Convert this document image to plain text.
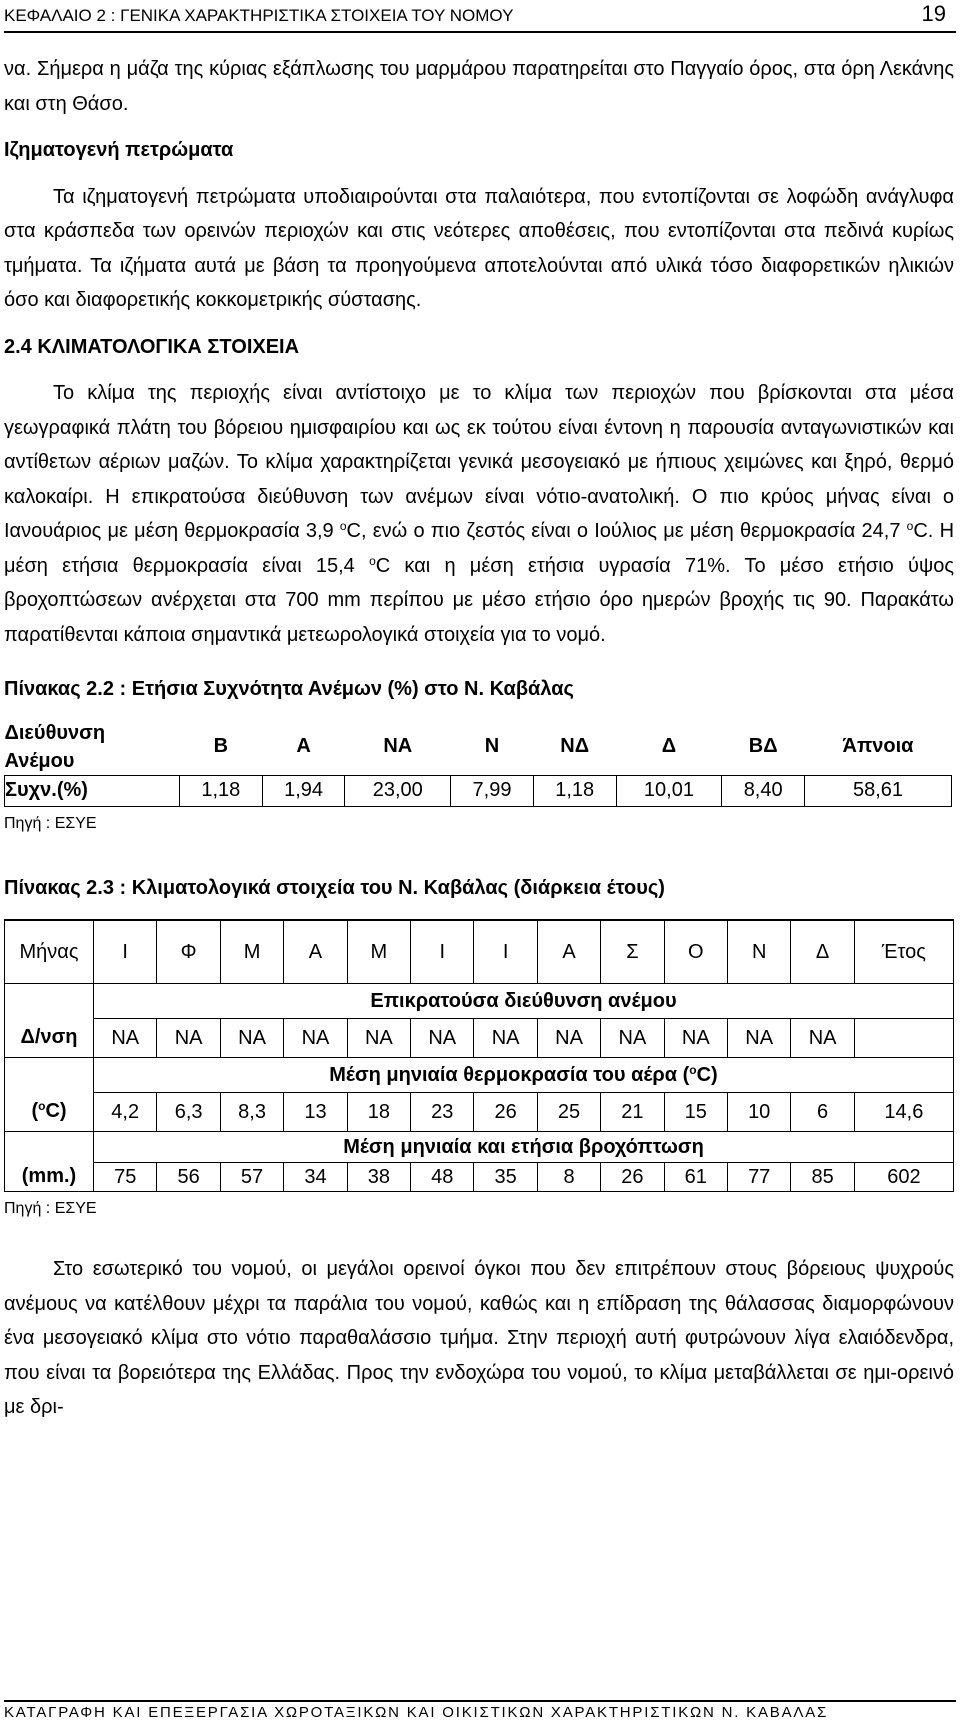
ΚΕΦΑΛΑΙΟ 2 : ΓΕΝΙΚΑ ΧΑΡΑΚΤΗΡΙΣΤΙΚΑ ΣΤΟΙΧΕΙΑ ΤΟΥ ΝΟΜΟΥ	19

να. Σήμερα η μάζα της κύριας εξάπλωσης του μαρμάρου παρατηρείται στο Παγγαίο όρος, στα όρη Λεκάνης και στη Θάσο.

Ιζηματογενή πετρώματα

Τα ιζηματογενή πετρώματα υποδιαιρούνται στα παλαιότερα, που εντοπίζονται σε λοφώδη ανάγλυφα στα κράσπεδα των ορεινών περιοχών και στις νεότερες αποθέσεις, που εντοπίζονται στα πεδινά κυρίως τμήματα. Τα ιζήματα αυτά με βάση τα προηγούμενα αποτελούνται από υλικά τόσο διαφορετικών ηλικιών όσο και διαφορετικής κοκκομετρικής σύστασης.

2.4 ΚΛΙΜΑΤΟΛΟΓΙΚΑ ΣΤΟΙΧΕΙΑ

Το κλίμα της περιοχής είναι αντίστοιχο με το κλίμα των περιοχών που βρίσκονται στα μέσα γεωγραφικά πλάτη του βόρειου ημισφαιρίου και ως εκ τούτου είναι έντονη η παρουσία ανταγωνιστικών και αντίθετων αέριων μαζών. Το κλίμα χαρακτηρίζεται γενικά μεσογειακό με ήπιους χειμώνες και ξηρό, θερμό καλοκαίρι. Η επικρατούσα διεύθυνση των ανέμων είναι νότιο-ανατολική. Ο πιο κρύος μήνας είναι ο Ιανουάριος με μέση θερμοκρασία 3,9 $^o$C, ενώ ο πιο ζεστός είναι ο Ιούλιος με μέση θερμοκρασία 24,7 $^o$C. Η μέση ετήσια θερμοκρασία είναι 15,4 $^o$C και η μέση ετήσια υγρασία 71%. Το μέσο ετήσιο ύψος βροχοπτώσεων ανέρχεται στα 700 mm περίπου με μέσο ετήσιο όρο ημερών βροχής τις 90. Παρακάτω παρατίθενται κάποια σημαντικά μετεωρολογικά στοιχεία για το νομό.

Πίνακας 2.2 : Ετήσια Συχνότητα Ανέμων (%) στο Ν. Καβάλας
Διεύθυνση	Β	Α	ΝΑ	Ν	ΝΔ	Δ	ΒΔ	Άπνοια
Ανέμου								
Συχν.(%)	1,18	1,94	23,00	7,99	1,18	10,01	8,40	58,61
Πηγή : ΕΣΥΕ
Πίνακας 2.3 : Κλιματολογικά στοιχεία του Ν. Καβάλας (διάρκεια έτους)
Μήνας	Ι	Φ	Μ	Α	Μ	Ι	Ι	Α	Σ	Ο	Ν	Δ	Έτος
	Επικρατούσα διεύθυνση ανέμου												
Δ/νση	ΝΑ	ΝΑ	ΝΑ	ΝΑ	ΝΑ	ΝΑ	ΝΑ	ΝΑ	ΝΑ	ΝΑ	ΝΑ	ΝΑ	
	Μέση μηνιαία θερμοκρασία του αέρα ($^o$C)												
($^o$C)	4,2	6,3	8,3	13	18	23	26	25	21	15	10	6	14,6
	Μέση μηνιαία και ετήσια βροχόπτωση												
(mm.)	75	56	57	34	38	48	35	8	26	61	77	85	602
Πηγή : ΕΣΥΕ

Στο εσωτερικό του νομού, οι μεγάλοι ορεινοί όγκοι που δεν επιτρέπουν στους βόρειους ψυχρούς ανέμους να κατέλθουν μέχρι τα παράλια του νομού, καθώς και η επίδραση της θάλασσας διαμορφώνουν ένα μεσογειακό κλίμα στο νότιο παραθαλάσσιο τμήμα. Στην περιοχή αυτή φυτρώνουν λίγα ελαιόδενδρα, που είναι τα βορειότερα της Ελλάδας. Προς την ενδοχώρα του νομού, το κλίμα μεταβάλλεται σε ημι-ορεινό με δρι-

ΚΑΤΑΓΡΑΦΗ ΚΑΙ ΕΠΕΞΕΡΓΑΣΙΑ ΧΩΡΟΤΑΞΙΚΩΝ ΚΑΙ ΟΙΚΙΣΤΙΚΩΝ ΧΑΡΑΚΤΗΡΙΣΤΙΚΩΝ Ν. ΚΑΒΑΛΑΣ
